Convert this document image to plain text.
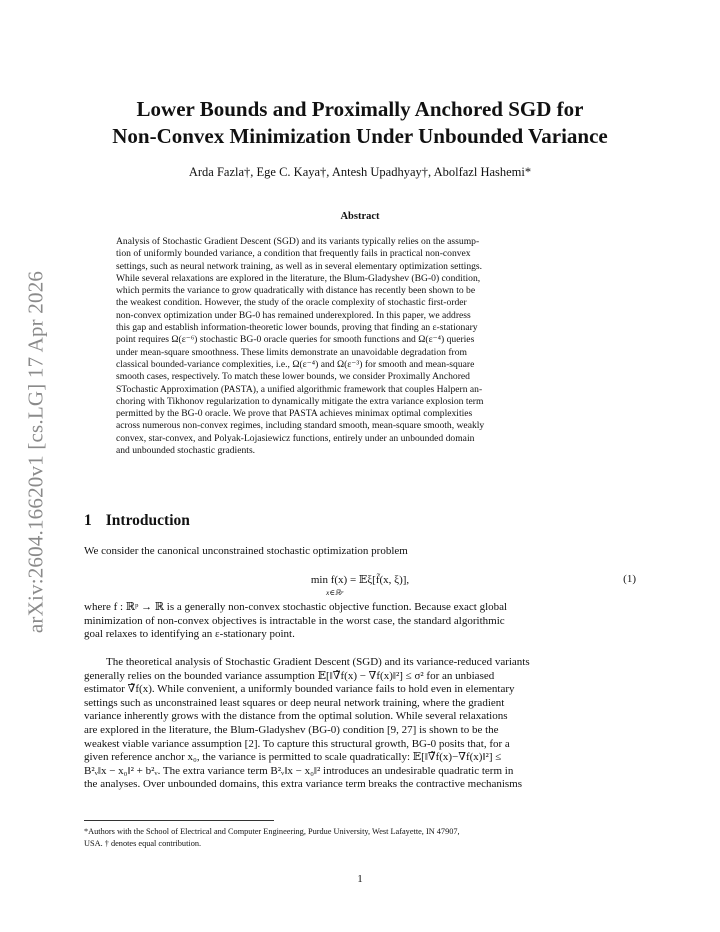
arXiv:2604.16620v1 [cs.LG] 17 Apr 2026
Lower Bounds and Proximally Anchored SGD for
Non-Convex Minimization Under Unbounded Variance
Arda Fazla†, Ege C. Kaya†, Antesh Upadhyay†, Abolfazl Hashemi*
Abstract
Analysis of Stochastic Gradient Descent (SGD) and its variants typically relies on the assump-
tion of uniformly bounded variance, a condition that frequently fails in practical non-convex
settings, such as neural network training, as well as in several elementary optimization settings.
While several relaxations are explored in the literature, the Blum-Gladyshev (BG-0) condition,
which permits the variance to grow quadratically with distance has recently been shown to be
the weakest condition. However, the study of the oracle complexity of stochastic first-order
non-convex optimization under BG-0 has remained underexplored. In this paper, we address
this gap and establish information-theoretic lower bounds, proving that finding an ε-stationary
point requires Ω(ε⁻⁶) stochastic BG-0 oracle queries for smooth functions and Ω(ε⁻⁴) queries
under mean-square smoothness. These limits demonstrate an unavoidable degradation from
classical bounded-variance complexities, i.e., Ω(ε⁻⁴) and Ω(ε⁻³) for smooth and mean-square
smooth cases, respectively. To match these lower bounds, we consider Proximally Anchored
STochastic Approximation (PASTA), a unified algorithmic framework that couples Halpern an-
choring with Tikhonov regularization to dynamically mitigate the extra variance explosion term
permitted by the BG-0 oracle. We prove that PASTA achieves minimax optimal complexities
across numerous non-convex regimes, including standard smooth, mean-square smooth, weakly
convex, star-convex, and Polyak-Lojasiewicz functions, entirely under an unbounded domain
and unbounded stochastic gradients.
1 Introduction
We consider the canonical unconstrained stochastic optimization problem
min f(x) = 𝔼ξ[f̃(x, ξ)],
x∈ℝᵖ
(1)
where f : ℝᵖ → ℝ is a generally non-convex stochastic objective function. Because exact global
minimization of non-convex objectives is intractable in the worst case, the standard algorithmic
goal relaxes to identifying an ε-stationary point.
The theoretical analysis of Stochastic Gradient Descent (SGD) and its variance-reduced variants
generally relies on the bounded variance assumption 𝔼[‖∇̃f(x) − ∇f(x)‖²] ≤ σ² for an unbiased
estimator ∇̃f(x). While convenient, a uniformly bounded variance fails to hold even in elementary
settings such as unconstrained least squares or deep neural network training, where the gradient
variance inherently grows with the distance from the optimal solution. While several relaxations
are explored in the literature, the Blum-Gladyshev (BG-0) condition [9, 27] is shown to be the
weakest viable variance assumption [2]. To capture this structural growth, BG-0 posits that, for a
given reference anchor x₀, the variance is permitted to scale quadratically: 𝔼[‖∇̃f(x)−∇f(x)‖²] ≤
B²ᵥ‖x − x₀‖² + b²ᵥ. The extra variance term B²ᵥ‖x − x₀‖² introduces an undesirable quadratic term in
the analyses. Over unbounded domains, this extra variance term breaks the contractive mechanisms
*Authors with the School of Electrical and Computer Engineering, Purdue University, West Lafayette, IN 47907,
USA. † denotes equal contribution.
1
